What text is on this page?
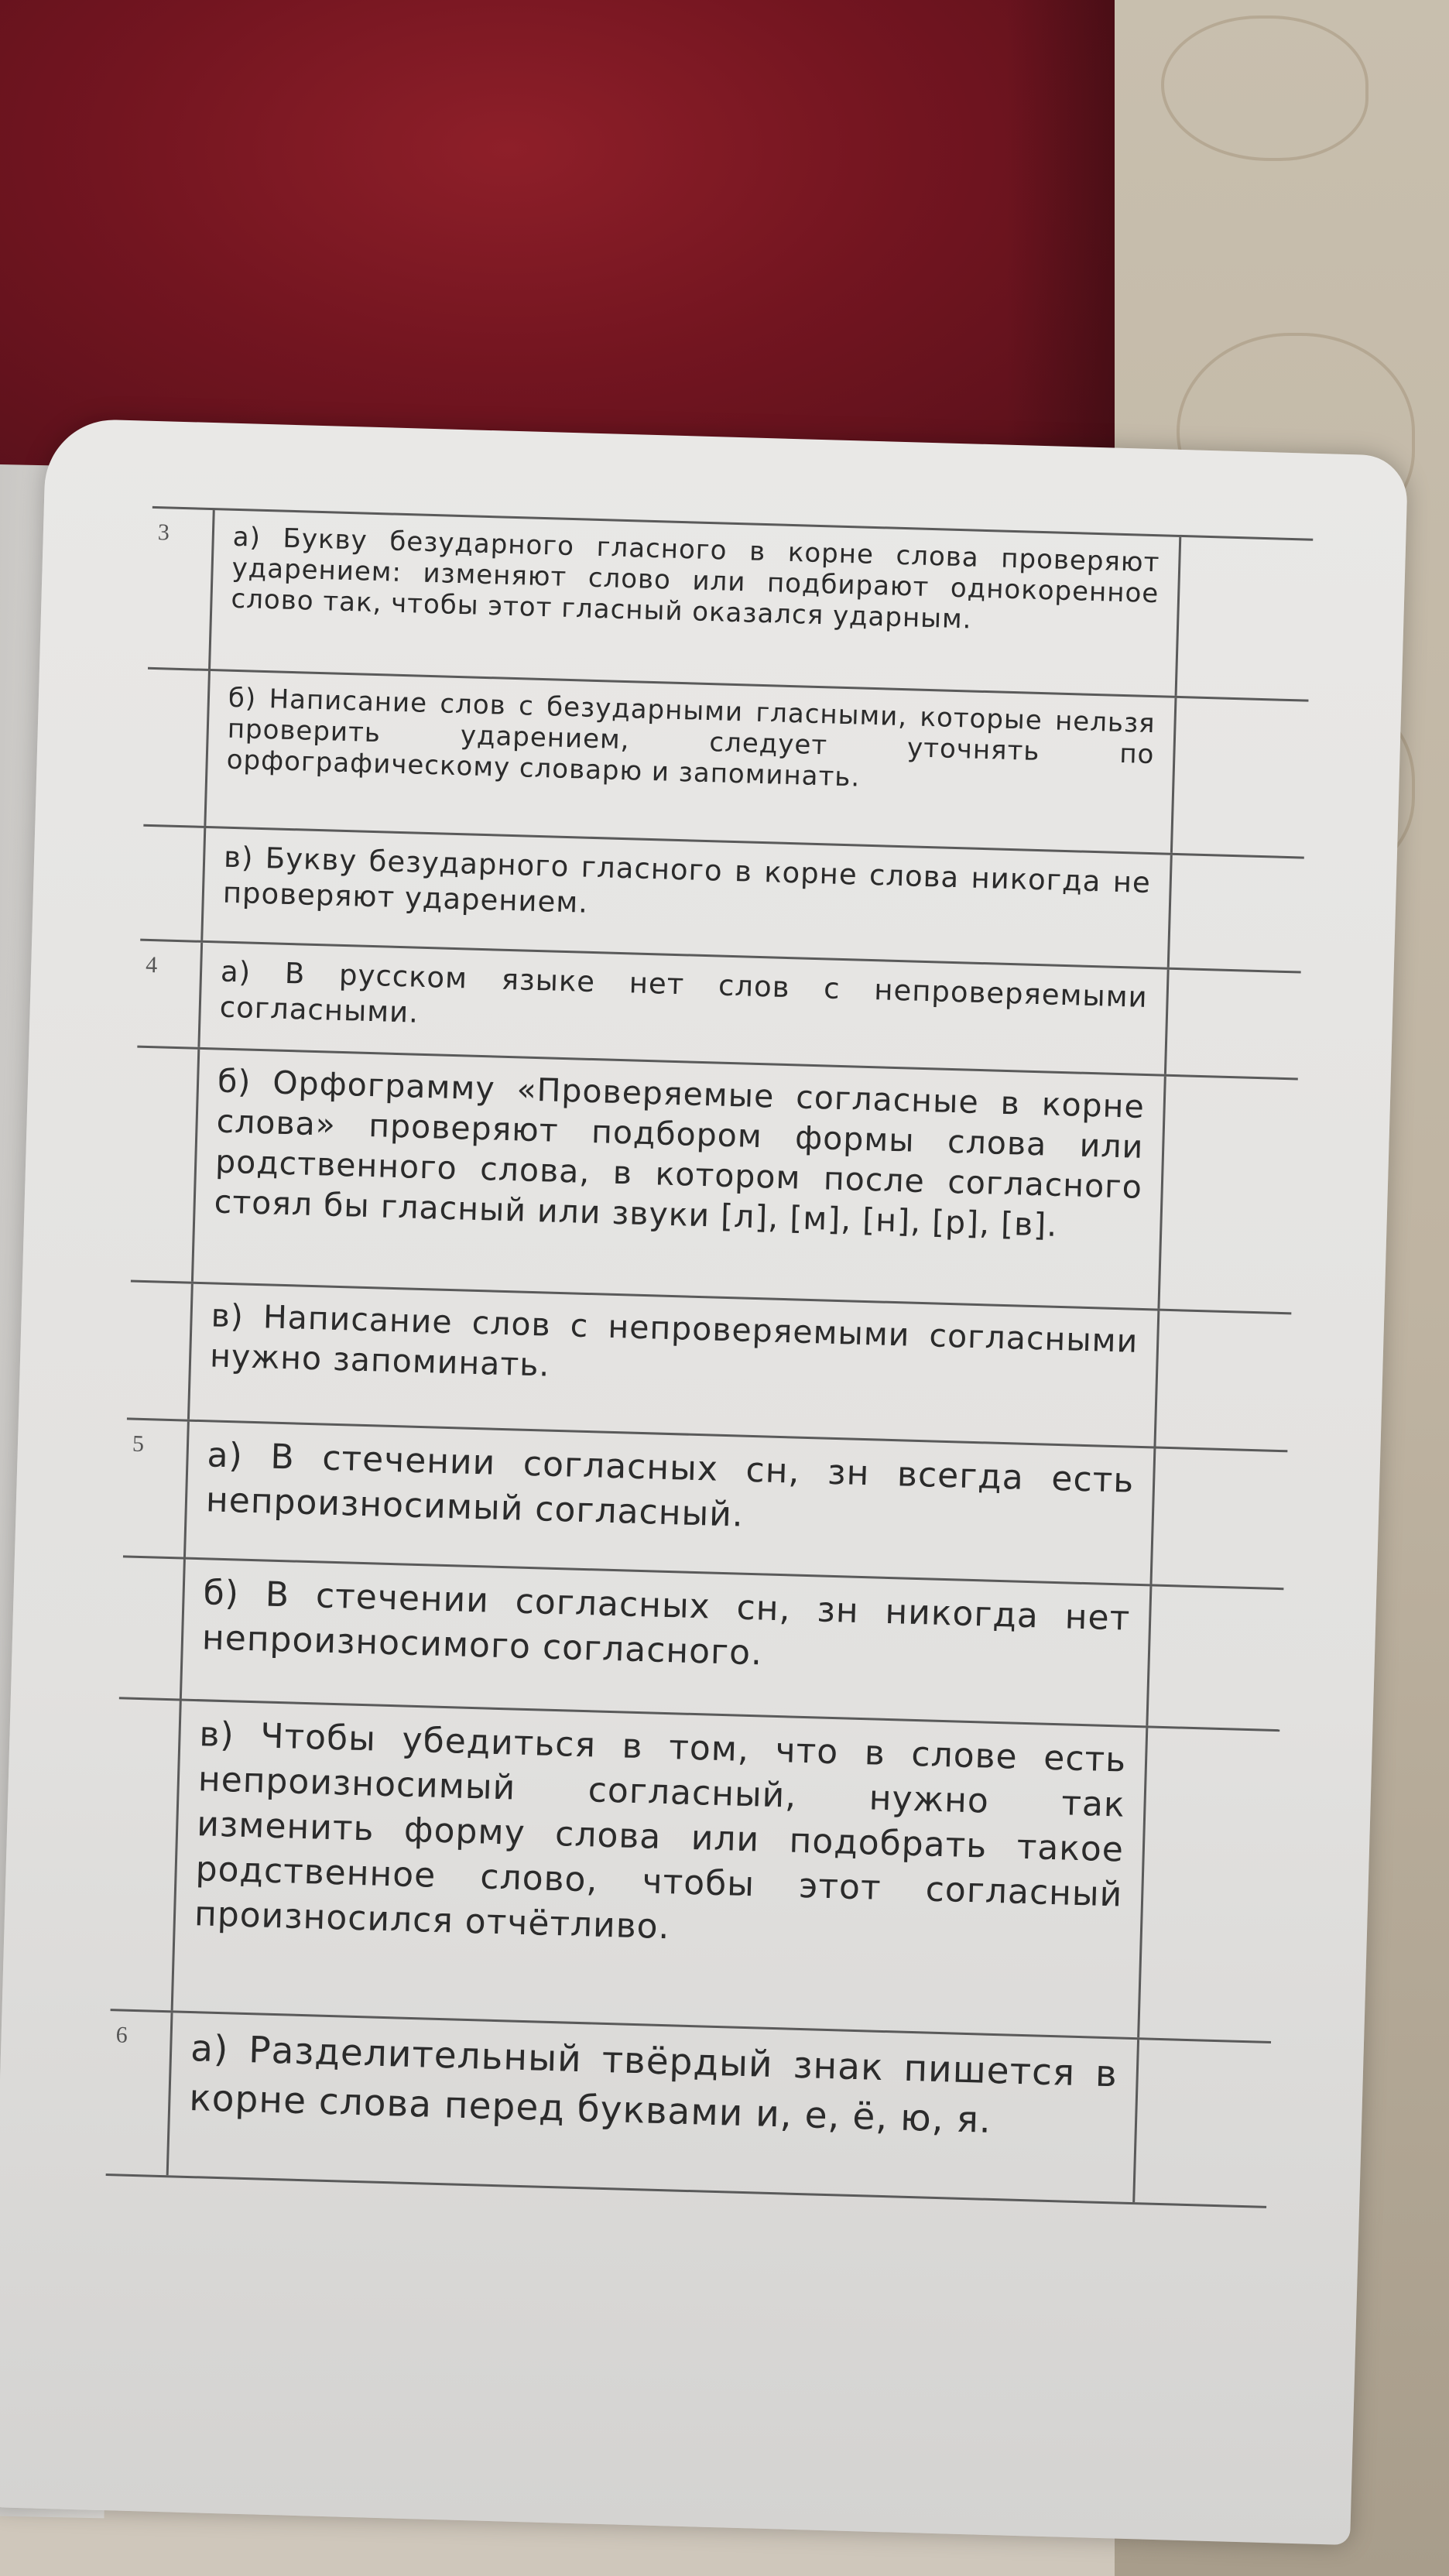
3	а) Букву безударного гласного в корне слова проверяют ударением: изменяют слово или подбирают однокоренное слово так, чтобы этот гласный оказался ударным.
б) Написание слов с безударными гласными, которые нельзя проверить ударением, следует уточнять по орфографическому словарю и запоминать.
в) Букву безударного гласного в корне слова никогда не проверяют ударением.
4	а) В русском языке нет слов с непроверяемыми согласными.
б) Орфограмму «Проверяемые согласные в корне слова» проверяют подбором формы слова или родственного слова, в котором после согласного стоял бы гласный или звуки [л], [м], [н], [р], [в].
в) Написание слов с непроверяемыми согласными нужно запоминать.
5	а) В стечении согласных сн, зн всегда есть непроизносимый согласный.
б) В стечении согласных сн, зн никогда нет непроизносимого согласного.
в) Чтобы убедиться в том, что в слове есть непроизносимый согласный, нужно так изменить форму слова или подобрать такое родственное слово, чтобы этот согласный произносился отчётливо.
6	а) Разделительный твёрдый знак пишется в корне слова перед буквами и, е, ё, ю, я.
